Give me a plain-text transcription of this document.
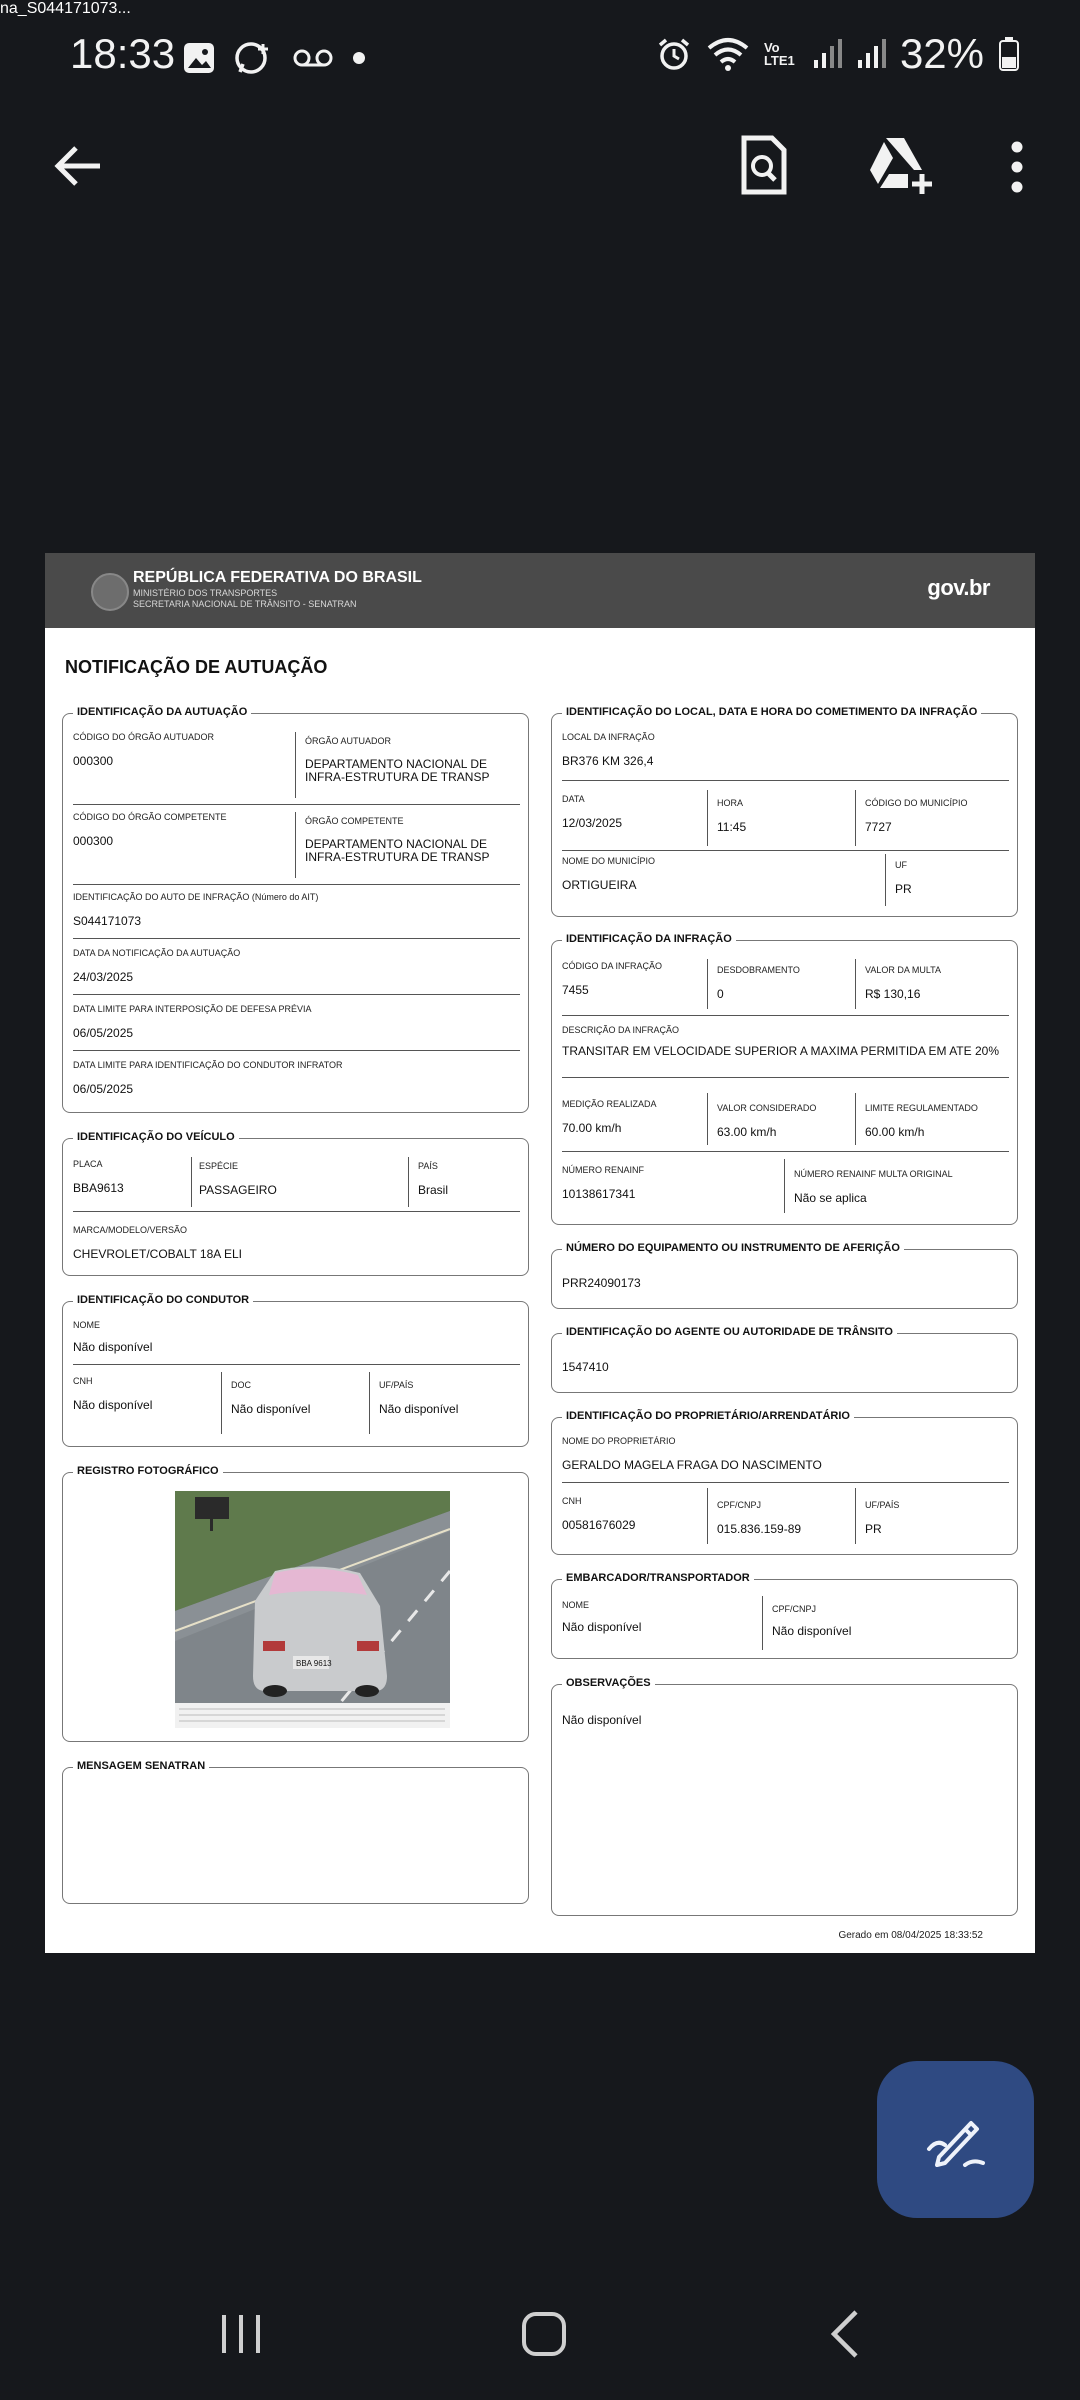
18:33	Vo LTE1	32%
na_S044171073...
REPÚBLICA FEDERATIVA DO BRASIL
MINISTÉRIO DOS TRANSPORTES
SECRETARIA NACIONAL DE TRÂNSITO - SENATRAN
gov.br
NOTIFICAÇÃO DE AUTUAÇÃO
IDENTIFICAÇÃO DA AUTUAÇÃO
CÓDIGO DO ÓRGÃO AUTUADOR
000300
ÓRGÃO AUTUADOR
DEPARTAMENTO NACIONAL DE INFRA-ESTRUTURA DE TRANSP
CÓDIGO DO ÓRGÃO COMPETENTE
000300
ÓRGÃO COMPETENTE
DEPARTAMENTO NACIONAL DE INFRA-ESTRUTURA DE TRANSP
IDENTIFICAÇÃO DO AUTO DE INFRAÇÃO (Número do AIT)
S044171073
DATA DA NOTIFICAÇÃO DA AUTUAÇÃO
24/03/2025
DATA LIMITE PARA INTERPOSIÇÃO DE DEFESA PRÉVIA
06/05/2025
DATA LIMITE PARA IDENTIFICAÇÃO DO CONDUTOR INFRATOR
06/05/2025
IDENTIFICAÇÃO DO VEÍCULO
PLACA
BBA9613
ESPÉCIE
PASSAGEIRO
PAÍS
Brasil
MARCA/MODELO/VERSÃO
CHEVROLET/COBALT 18A ELI
IDENTIFICAÇÃO DO CONDUTOR
NOME
Não disponível
CNH
Não disponível
DOC
Não disponível
UF/PAÍS
Não disponível
REGISTRO FOTOGRÁFICO
BBA 9613
MENSAGEM SENATRAN
IDENTIFICAÇÃO DO LOCAL, DATA E HORA DO COMETIMENTO DA INFRAÇÃO
LOCAL DA INFRAÇÃO
BR376 KM 326,4
DATA
12/03/2025
HORA
11:45
CÓDIGO DO MUNICÍPIO
7727
NOME DO MUNICÍPIO
ORTIGUEIRA
UF
PR
IDENTIFICAÇÃO DA INFRAÇÃO
CÓDIGO DA INFRAÇÃO
7455
DESDOBRAMENTO
0
VALOR DA MULTA
R$ 130,16
DESCRIÇÃO DA INFRAÇÃO
TRANSITAR EM VELOCIDADE SUPERIOR A MAXIMA PERMITIDA EM ATE 20%
MEDIÇÃO REALIZADA
70.00 km/h
VALOR CONSIDERADO
63.00 km/h
LIMITE REGULAMENTADO
60.00 km/h
NÚMERO RENAINF
10138617341
NÚMERO RENAINF MULTA ORIGINAL
Não se aplica
NÚMERO DO EQUIPAMENTO OU INSTRUMENTO DE AFERIÇÃO
PRR24090173
IDENTIFICAÇÃO DO AGENTE OU AUTORIDADE DE TRÂNSITO
1547410
IDENTIFICAÇÃO DO PROPRIETÁRIO/ARRENDATÁRIO
NOME DO PROPRIETÁRIO
GERALDO MAGELA FRAGA DO NASCIMENTO
CNH
00581676029
CPF/CNPJ
015.836.159-89
UF/PAÍS
PR
EMBARCADOR/TRANSPORTADOR
NOME
Não disponível
CPF/CNPJ
Não disponível
OBSERVAÇÕES
Não disponível
Gerado em 08/04/2025 18:33:52
